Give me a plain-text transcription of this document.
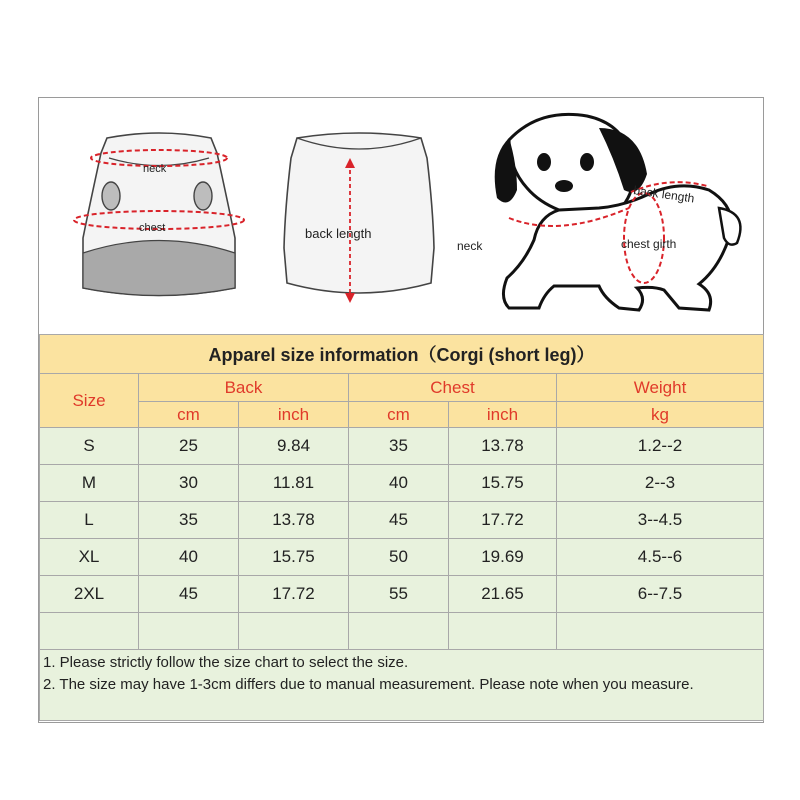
neck
chest	back length
back length
neck	chest girth
Apparel size information（Corgi (short leg)）					
Size	Back		Chest		Weight
	cm	inch	cm	inch	kg
S	25	9.84	35	13.78	1.2--2
M	30	11.81	40	15.75	2--3
L	35	13.78	45	17.72	3--4.5
XL	40	15.75	50	19.69	4.5--6
2XL	45	17.72	55	21.65	6--7.5

1. Please strictly follow the size chart to select the size.
2. The size may have 1-3cm differs due to manual measurement. Please note when you measure.					
